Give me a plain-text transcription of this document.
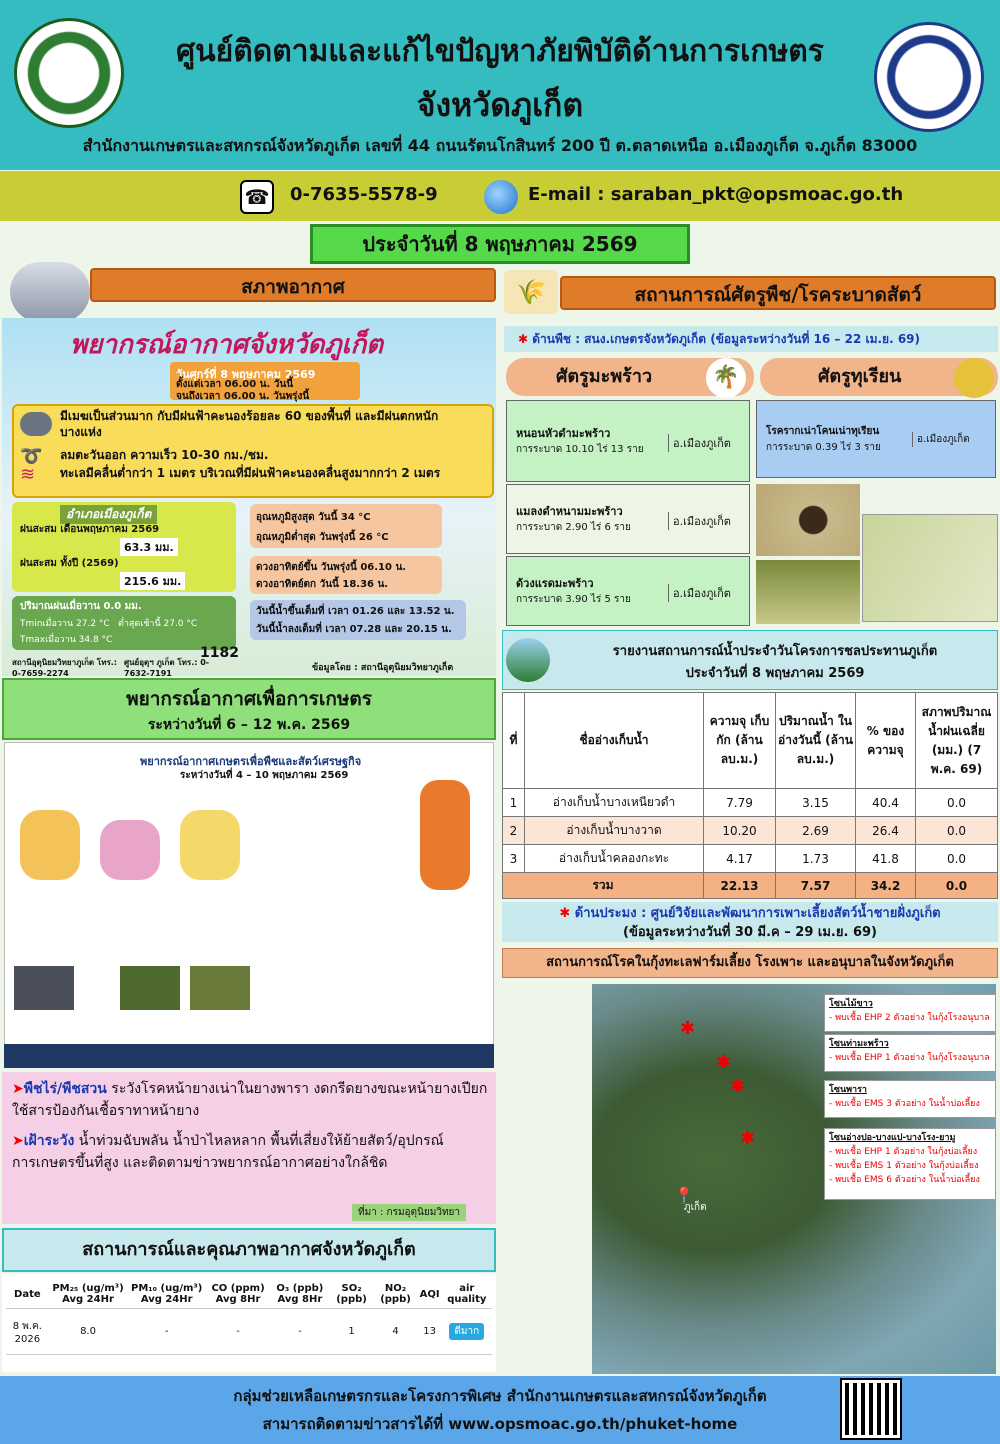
ศูนย์ติดตามและแก้ไขปัญหาภัยพิบัติด้านการเกษตร
จังหวัดภูเก็ต
สำนักงานเกษตรและสหกรณ์จังหวัดภูเก็ต เลขที่ 44 ถนนรัตนโกสินทร์ 200 ปี ต.ตลาดเหนือ อ.เมืองภูเก็ต จ.ภูเก็ต 83000
☎ 0-7635-5578-9	E-mail : saraban_pkt@opsmoac.go.th
ประจำวันที่ 8 พฤษภาคม 2569
สภาพอากาศ
พยากรณ์อากาศจังหวัดภูเก็ต
วันศุกร์ที่ 8 พฤษภาคม 2569
ตั้งแต่เวลา 06.00 น. วันนี้
จนถึงเวลา 06.00 น. วันพรุ่งนี้
มีเมฆเป็นส่วนมาก กับมีฝนฟ้าคะนองร้อยละ 60 ของพื้นที่ และมีฝนตกหนักบางแห่ง
➰ ลมตะวันออก ความเร็ว 10-30 กม./ชม.
≋ ทะเลมีคลื่นต่ำกว่า 1 เมตร บริเวณที่มีฝนฟ้าคะนองคลื่นสูงมากกว่า 2 เมตร
อำเภอเมืองภูเก็ต
ฝนสะสม เดือนพฤษภาคม 2569
63.3 มม.
ฝนสะสม ทั้งปี (2569)
215.6 มม.
ปริมาณฝนเมื่อวาน 0.0 มม.
Tminเมื่อวาน 27.2 °C ต่ำสุดเช้านี้ 27.0 °C
Tmaxเมื่อวาน 34.8 °C
อุณหภูมิสูงสุด วันนี้ 34 °C
อุณหภูมิต่ำสุด วันพรุ่งนี้ 26 °C
ดวงอาทิตย์ขึ้น วันพรุ่งนี้ 06.10 น.
ดวงอาทิตย์ตก วันนี้ 18.36 น.
วันนี้น้ำขึ้นเต็มที่ เวลา 01.26 และ 13.52 น.
วันนี้น้ำลงเต็มที่ เวลา 07.28 และ 20.15 น.
สถานีอุตุนิยมวิทยาภูเก็ต โทร.: 0-7659-2274
ศูนย์อุตุฯ ภูเก็ต โทร.: 0-7632-7191
1182
ข้อมูลโดย : สถานีอุตุนิยมวิทยาภูเก็ต
พยากรณ์อากาศเพื่อการเกษตร
ระหว่างวันที่ 6 – 12 พ.ค. 2569
พยากรณ์อากาศเกษตรเพื่อพืชและสัตว์เศรษฐกิจ
ระหว่างวันที่ 4 – 10 พฤษภาคม 2569
➤พืชไร่/พืชสวน ระวังโรคหน้ายางเน่าในยางพารา งดกรีดยางขณะหน้ายางเปียก ใช้สารป้องกันเชื้อราทาหน้ายาง
➤เฝ้าระวัง น้ำท่วมฉับพลัน น้ำป่าไหลหลาก พื้นที่เสี่ยงให้ย้ายสัตว์/อุปกรณ์การเกษตรขึ้นที่สูง และติดตามข่าวพยากรณ์อากาศอย่างใกล้ชิด
ที่มา : กรมอุตุนิยมวิทยา
สถานการณ์และคุณภาพอากาศจังหวัดภูเก็ต
Date	PM₂₅ (ug/m³) Avg 24Hr	PM₁₀ (ug/m³) Avg 24Hr	CO (ppm) Avg 8Hr	O₃ (ppb) Avg 8Hr	SO₂ (ppb)	NO₂ (ppb)	AQI	air quality
8 พ.ค. 2026	8.0	-	-	-	1	4	13	ดีมาก
🌾	สถานการณ์ศัตรูพืช/โรคระบาดสัตว์
✱ ด้านพืช : สนง.เกษตรจังหวัดภูเก็ต (ข้อมูลระหว่างวันที่ 16 – 22 เม.ย. 69)
ศัตรูมะพร้าว	🌴	ศัตรูทุเรียน
หนอนหัวดำมะพร้าว
การระบาด 10.10 ไร่ 13 ราย	อ.เมืองภูเก็ต
แมลงดำหนามมะพร้าว
การระบาด 2.90 ไร่ 6 ราย	อ.เมืองภูเก็ต
ด้วงแรดมะพร้าว
การระบาด 3.90 ไร่ 5 ราย	อ.เมืองภูเก็ต
โรครากเน่าโคนเน่าทุเรียน
การระบาด 0.39 ไร่ 3 ราย
อ.เมืองภูเก็ต
รายงานสถานการณ์น้ำประจำวันโครงการชลประทานภูเก็ต
ประจำวันที่ 8 พฤษภาคม 2569
ที่	ชื่ออ่างเก็บน้ำ	ความจุ เก็บกัก (ล้าน ลบ.ม.)	ปริมาณน้ำ ในอ่างวันนี้ (ล้าน ลบ.ม.)	% ของ ความจุ	สภาพปริมาณ น้ำฝนเฉลี่ย (มม.) (7 พ.ค. 69)
1	อ่างเก็บน้ำบางเหนียวดำ	7.79	3.15	40.4	0.0
2	อ่างเก็บน้ำบางวาด	10.20	2.69	26.4	0.0
3	อ่างเก็บน้ำคลองกะทะ	4.17	1.73	41.8	0.0
รวม		22.13	7.57	34.2	0.0
✱ ด้านประมง : ศูนย์วิจัยและพัฒนาการเพาะเลี้ยงสัตว์น้ำชายฝั่งภูเก็ต
(ข้อมูลระหว่างวันที่ 30 มี.ค – 29 เม.ย. 69)
สถานการณ์โรคในกุ้งทะเลฟาร์มเลี้ยง โรงเพาะ และอนุบาลในจังหวัดภูเก็ต
📍
ภูเก็ต
✱
✱
✱
✱
โซนไม้ขาว
- พบเชื้อ EHP 2 ตัวอย่าง ในกุ้งโรงอนุบาล
โซนท่ามะพร้าว
- พบเชื้อ EHP 1 ตัวอย่าง ในกุ้งโรงอนุบาล
โซนพารา
- พบเชื้อ EMS 3 ตัวอย่าง ในน้ำบ่อเลี้ยง
โซนอ่างปอ-บางแป-บางโรง-ยามู
- พบเชื้อ EHP 1 ตัวอย่าง ในกุ้งบ่อเลี้ยง
- พบเชื้อ EMS 1 ตัวอย่าง ในกุ้งบ่อเลี้ยง
- พบเชื้อ EMS 6 ตัวอย่าง ในน้ำบ่อเลี้ยง
กลุ่มช่วยเหลือเกษตรกรและโครงการพิเศษ สำนักงานเกษตรและสหกรณ์จังหวัดภูเก็ต
สามารถติดตามข่าวสารได้ที่ www.opsmoac.go.th/phuket-home
